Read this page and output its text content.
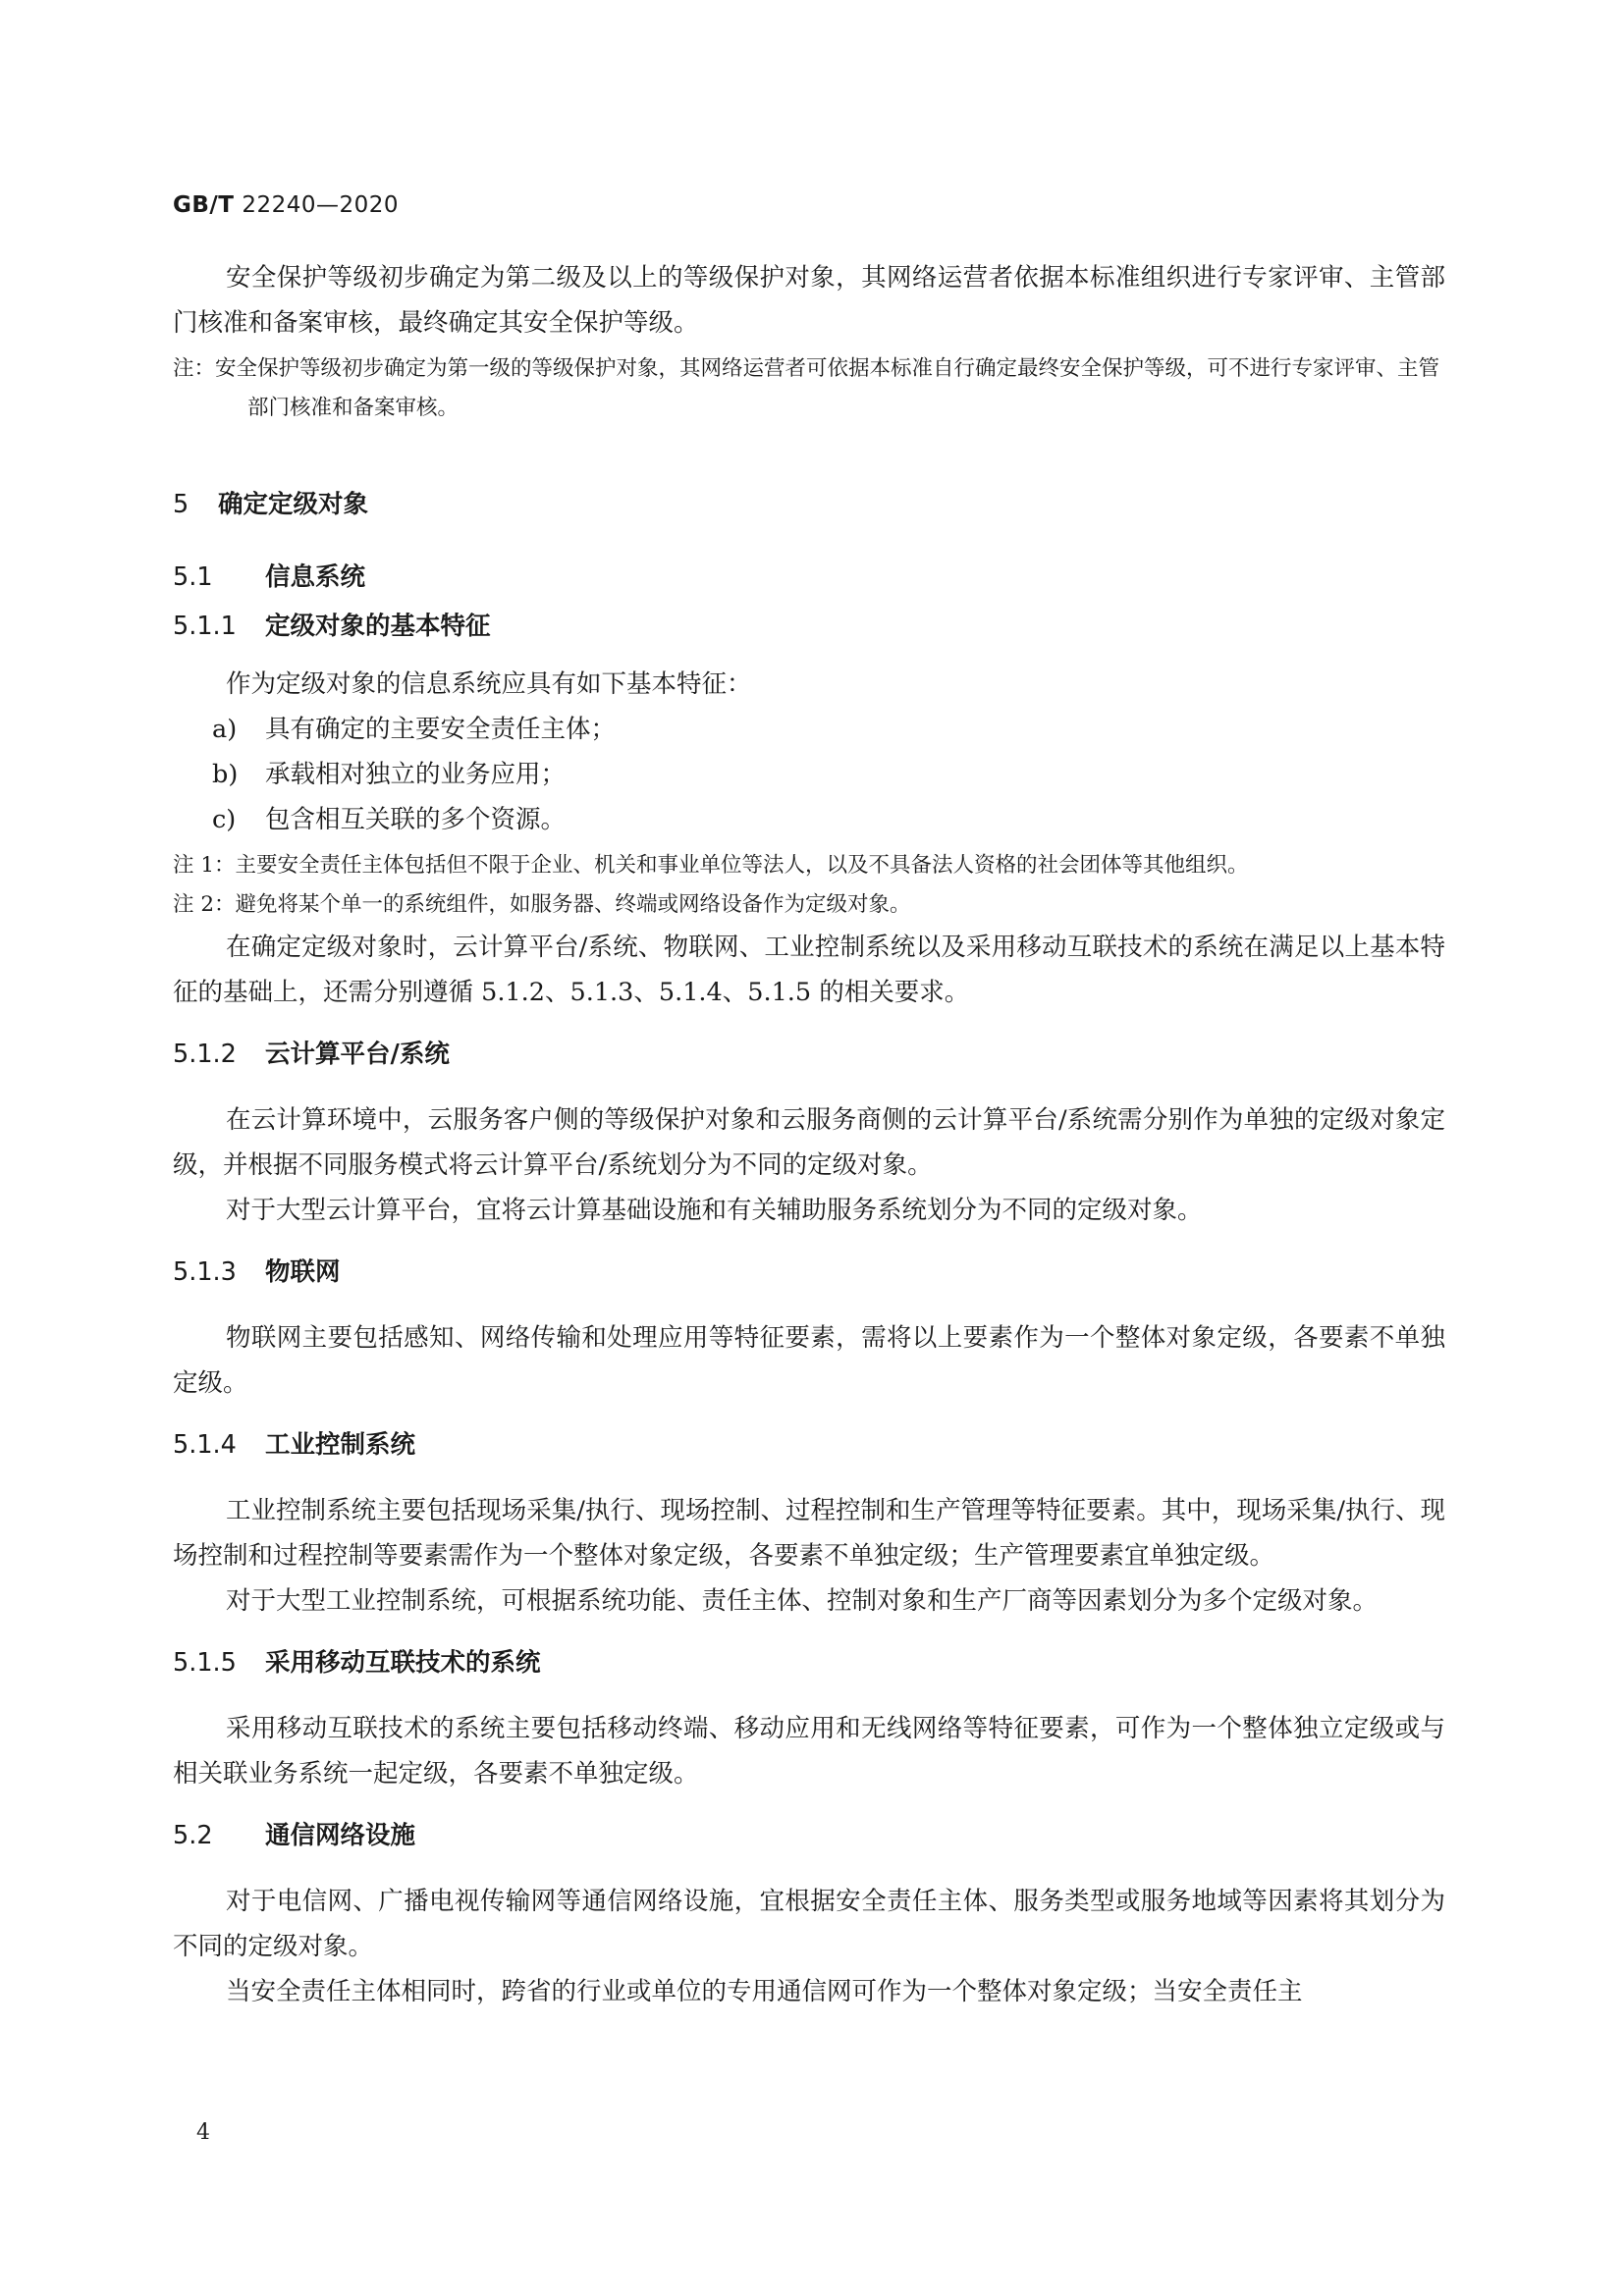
GB/T 22240—2020

安全保护等级初步确定为第二级及以上的等级保护对象，其网络运营者依据本标准组织进行专家评审、主管部门核准和备案审核，最终确定其安全保护等级。

注：安全保护等级初步确定为第一级的等级保护对象，其网络运营者可依据本标准自行确定最终安全保护等级，可不进行专家评审、主管部门核准和备案审核。

5 确定定级对象
5.1 信息系统
5.1.1 定级对象的基本特征

作为定级对象的信息系统应具有如下基本特征：

a) 具有确定的主要安全责任主体；

b) 承载相对独立的业务应用；

c) 包含相互关联的多个资源。

注 1：主要安全责任主体包括但不限于企业、机关和事业单位等法人，以及不具备法人资格的社会团体等其他组织。

注 2：避免将某个单一的系统组件，如服务器、终端或网络设备作为定级对象。

在确定定级对象时，云计算平台/系统、物联网、工业控制系统以及采用移动互联技术的系统在满足以上基本特征的基础上，还需分别遵循 5.1.2、5.1.3、5.1.4、5.1.5 的相关要求。

5.1.2 云计算平台/系统

在云计算环境中，云服务客户侧的等级保护对象和云服务商侧的云计算平台/系统需分别作为单独的定级对象定级，并根据不同服务模式将云计算平台/系统划分为不同的定级对象。

对于大型云计算平台，宜将云计算基础设施和有关辅助服务系统划分为不同的定级对象。

5.1.3 物联网

物联网主要包括感知、网络传输和处理应用等特征要素，需将以上要素作为一个整体对象定级，各要素不单独定级。

5.1.4 工业控制系统

工业控制系统主要包括现场采集/执行、现场控制、过程控制和生产管理等特征要素。其中，现场采集/执行、现场控制和过程控制等要素需作为一个整体对象定级，各要素不单独定级；生产管理要素宜单独定级。

对于大型工业控制系统，可根据系统功能、责任主体、控制对象和生产厂商等因素划分为多个定级对象。

5.1.5 采用移动互联技术的系统

采用移动互联技术的系统主要包括移动终端、移动应用和无线网络等特征要素，可作为一个整体独立定级或与相关联业务系统一起定级，各要素不单独定级。

5.2 通信网络设施

对于电信网、广播电视传输网等通信网络设施，宜根据安全责任主体、服务类型或服务地域等因素将其划分为不同的定级对象。

当安全责任主体相同时，跨省的行业或单位的专用通信网可作为一个整体对象定级；当安全责任主

4
